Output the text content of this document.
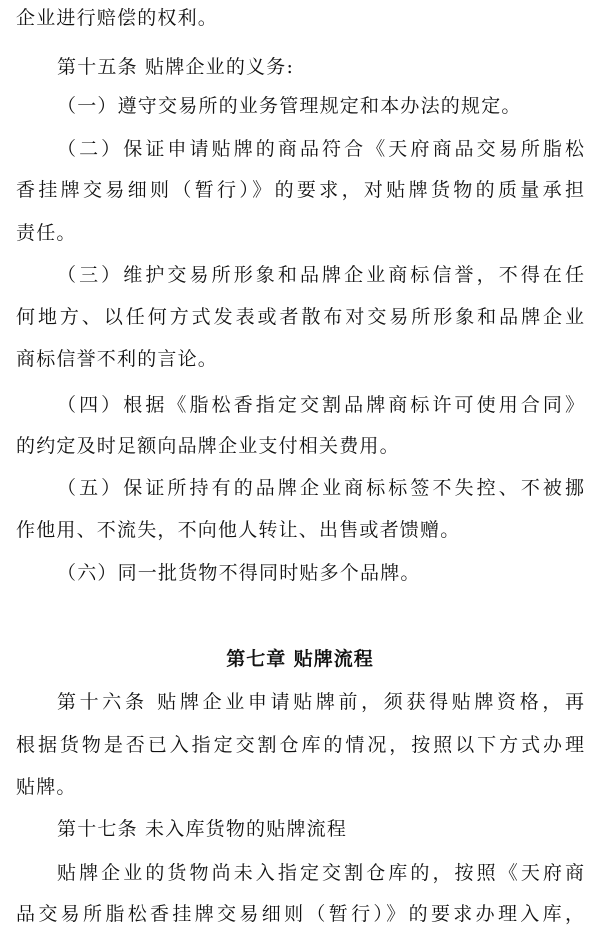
企业进行赔偿的权利。
第十五条 贴牌企业的义务:
（一）遵守交易所的业务管理规定和本办法的规定。
（二）保证申请贴牌的商品符合《天府商品交易所脂松
香挂牌交易细则（暂行）》的要求，对贴牌货物的质量承担
责任。
（三）维护交易所形象和品牌企业商标信誉，不得在任
何地方、以任何方式发表或者散布对交易所形象和品牌企业
商标信誉不利的言论。
（四）根据《脂松香指定交割品牌商标许可使用合同》
的约定及时足额向品牌企业支付相关费用。
（五）保证所持有的品牌企业商标标签不失控、不被挪
作他用、不流失，不向他人转让、出售或者馈赠。
（六）同一批货物不得同时贴多个品牌。
第七章 贴牌流程
第十六条 贴牌企业申请贴牌前，须获得贴牌资格，再
根据货物是否已入指定交割仓库的情况，按照以下方式办理
贴牌。
第十七条 未入库货物的贴牌流程
贴牌企业的货物尚未入指定交割仓库的，按照《天府商
品交易所脂松香挂牌交易细则（暂行）》的要求办理入库，
